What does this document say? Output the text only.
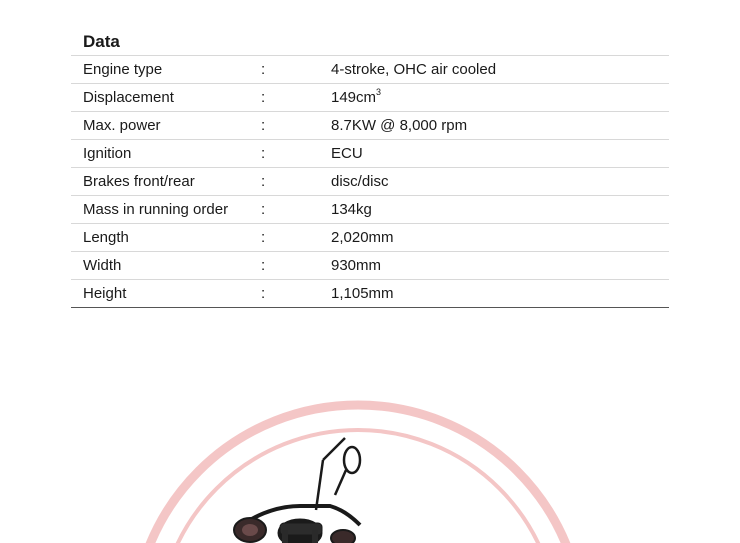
Data
Engine type	:	4-stroke, OHC air cooled
Displacement	:	$149cm^3$
Max. power	:	8.7KW @ 8,000 rpm
Ignition	:	ECU
Brakes front/rear	:	disc/disc
Mass in running order	:	134kg
Length	:	2,020mm
Width	:	930mm
Height	:	1,105mm
